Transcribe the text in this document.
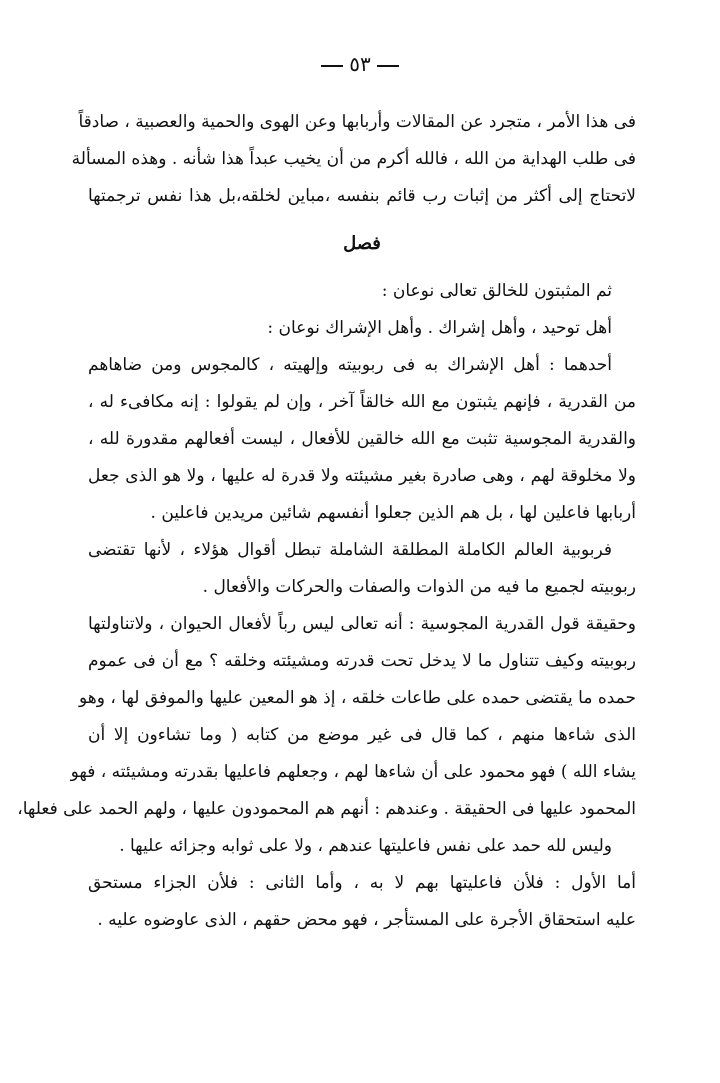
٥٣
فى هذا الأمر ، متجرد عن المقالات وأربابها وعن الهوى والحمية والعصبية ، صادقاً
فى طلب الهداية من الله ، فالله أكرم من أن يخيب عبداً هذا شأنه . وهذه المسألة
لاتحتاج إلى أكثر من إثبات رب قائم بنفسه ،مباين لخلقه،بل هذا نفس ترجمتها
فصل
ثم المثبتون للخالق تعالى نوعان :
أهل توحيد ، وأهل إشراك . وأهل الإشراك نوعان :
أحدهما : أهل الإشراك به فى ربوبيته وإلهيته ، كالمجوس ومن ضاهاهم
من القدرية ، فإنهم يثبتون مع الله خالقاً آخر ، وإن لم يقولوا : إنه مكافىء له ،
والقدرية المجوسية تثبت مع الله خالقين للأفعال ، ليست أفعالهم مقدورة لله ،
ولا مخلوقة لهم ، وهى صادرة بغير مشيئته ولا قدرة له عليها ، ولا هو الذى جعل
أربابها فاعلين لها ، بل هم الذين جعلوا أنفسهم شائين مريدين فاعلين .
فربوبية العالم الكاملة المطلقة الشاملة تبطل أقوال هؤلاء ، لأنها تقتضى
ربوبيته لجميع ما فيه من الذوات والصفات والحركات والأفعال .
وحقيقة قول القدرية المجوسية : أنه تعالى ليس رباً لأفعال الحيوان ، ولاتناولتها
ربوبيته وكيف تتناول ما لا يدخل تحت قدرته ومشيئته وخلقه ؟ مع أن فى عموم
حمده ما يقتضى حمده على طاعات خلقه ، إذ هو المعين عليها والموفق لها ، وهو
الذى شاءها منهم ، كما قال فى غير موضع من كتابه ( وما تشاءون إلا أن
يشاء الله ) فهو محمود على أن شاءها لهم ، وجعلهم فاعليها بقدرته ومشيئته ، فهو
المحمود عليها فى الحقيقة . وعندهم : أنهم هم المحمودون عليها ، ولهم الحمد على فعلها،
وليس لله حمد على نفس فاعليتها عندهم ، ولا على ثوابه وجزائه عليها .
أما الأول : فلأن فاعليتها بهم لا به ، وأما الثانى : فلأن الجزاء مستحق
عليه استحقاق الأجرة على المستأجر ، فهو محض حقهم ، الذى عاوضوه عليه .
